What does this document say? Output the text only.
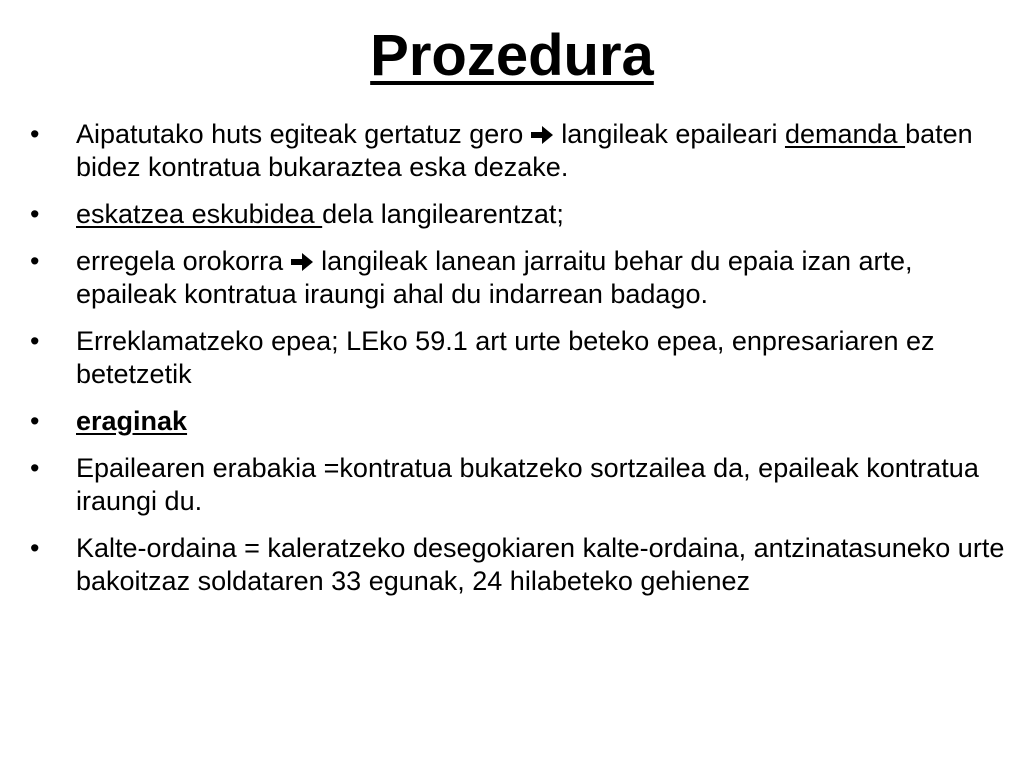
Prozedura
•	Aipatutako huts egiteak gertatuz gero langileak epaileari demanda baten bidez kontratua bukaraztea eska dezake.
•	eskatzea eskubidea dela langilearentzat;
•	erregela orokorra langileak lanean jarraitu behar du epaia izan arte, epaileak kontratua iraungi ahal du indarrean badago.
•	Erreklamatzeko epea; LEko 59.1 art urte beteko epea, enpresariaren ez betetzetik
•	eraginak
•	Epailearen erabakia =kontratua bukatzeko sortzailea da, epaileak kontratua iraungi du.
•	Kalte-ordaina = kaleratzeko desegokiaren kalte-ordaina, antzinatasuneko urte bakoitzaz soldataren 33 egunak, 24 hilabeteko gehienez
